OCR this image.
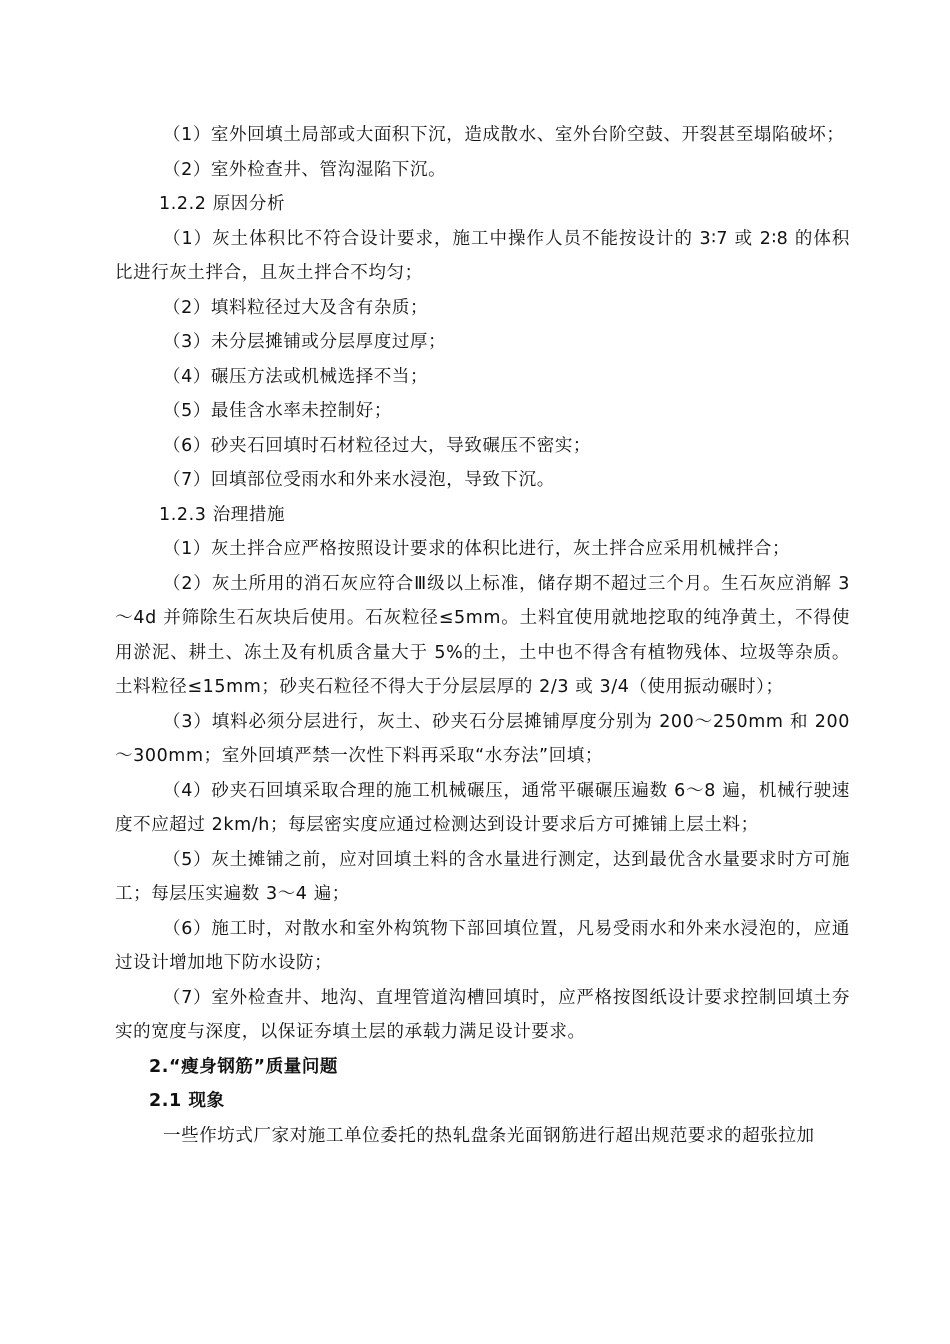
（1）室外回填土局部或大面积下沉，造成散水、室外台阶空鼓、开裂甚至塌陷破坏；

（2）室外检查井、管沟湿陷下沉。

1.2.2 原因分析

（1）灰土体积比不符合设计要求，施工中操作人员不能按设计的 3∶7 或 2∶8 的体积比进行灰土拌合，且灰土拌合不均匀；

（2）填料粒径过大及含有杂质；

（3）未分层摊铺或分层厚度过厚；

（4）碾压方法或机械选择不当；

（5）最佳含水率未控制好；

（6）砂夹石回填时石材粒径过大，导致碾压不密实；

（7）回填部位受雨水和外来水浸泡，导致下沉。

1.2.3 治理措施

（1）灰土拌合应严格按照设计要求的体积比进行，灰土拌合应采用机械拌合；

（2）灰土所用的消石灰应符合Ⅲ级以上标准，储存期不超过三个月。生石灰应消解 3～4d 并筛除生石灰块后使用。石灰粒径≤5mm。土料宜使用就地挖取的纯净黄土，不得使用淤泥、耕土、冻土及有机质含量大于 5%的土，土中也不得含有植物残体、垃圾等杂质。土料粒径≤15mm；砂夹石粒径不得大于分层层厚的 2/3 或 3/4（使用振动碾时）；

（3）填料必须分层进行，灰土、砂夹石分层摊铺厚度分别为 200～250mm 和 200～300mm；室外回填严禁一次性下料再采取“水夯法”回填；

（4）砂夹石回填采取合理的施工机械碾压，通常平碾碾压遍数 6～8 遍，机械行驶速度不应超过 2km/h；每层密实度应通过检测达到设计要求后方可摊铺上层土料；

（5）灰土摊铺之前，应对回填土料的含水量进行测定，达到最优含水量要求时方可施工；每层压实遍数 3～4 遍；

（6）施工时，对散水和室外构筑物下部回填位置，凡易受雨水和外来水浸泡的，应通过设计增加地下防水设防；

（7）室外检查井、地沟、直埋管道沟槽回填时，应严格按图纸设计要求控制回填土夯实的宽度与深度，以保证夯填土层的承载力满足设计要求。

2.“瘦身钢筋”质量问题

2.1 现象

一些作坊式厂家对施工单位委托的热轧盘条光面钢筋进行超出规范要求的超张拉加
